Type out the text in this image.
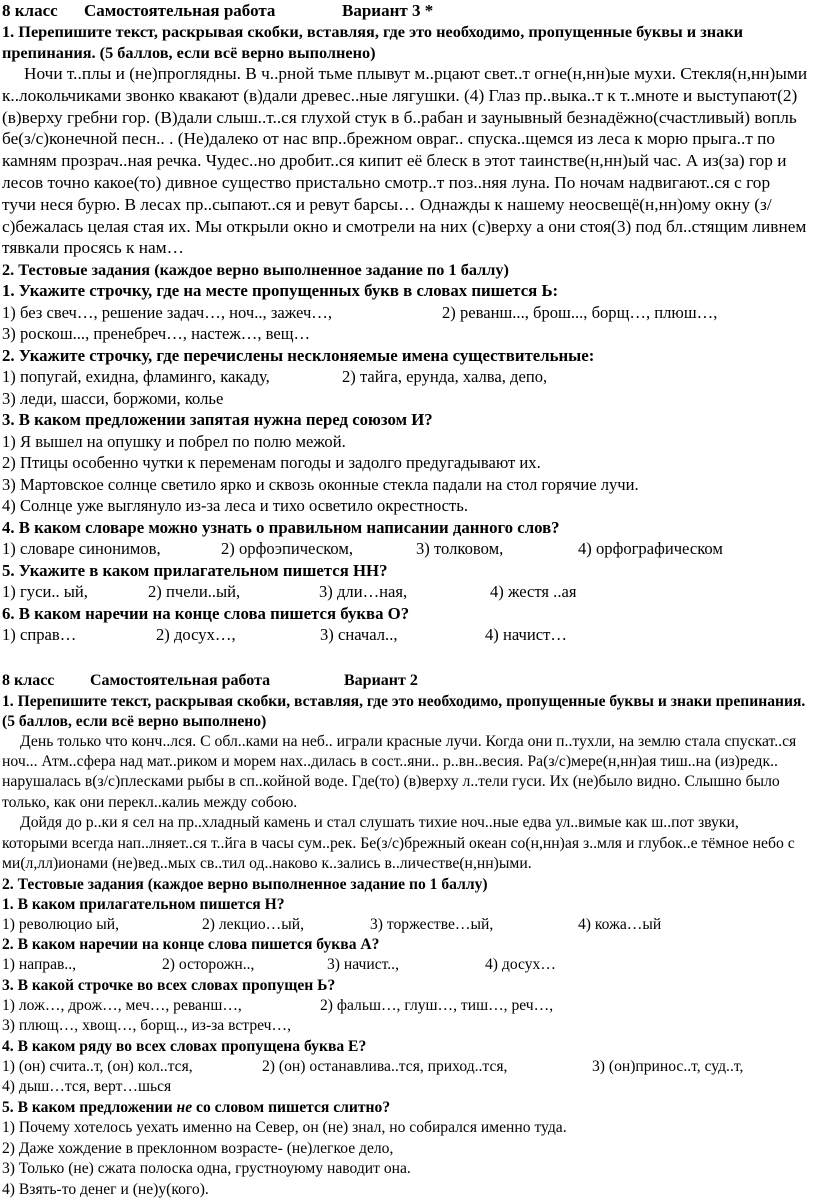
8 класс Самостоятельная работа	Вариант 3 *
1. Перепишите текст, раскрывая скобки, вставляя, где это необходимо, пропущенные буквы и знаки препинания. (5 баллов, если всё верно выполнено)

Ночи т..плы и (не)проглядны. В ч..рной тьме плывут м..рцают свет..т огне(н,нн)ые мухи. Стекля(н,нн)ыми к..локольчиками звонко квакают (в)дали древес..ные лягушки. (4) Глаз пр..выка..т к т..мноте и выступают(2) (в)верху гребни гор. (В)дали слыш..т..ся глухой стук в б..рабан и заунывный безнадёжно(счастливый) вопль бе(з/с)конечной песн.. . (Не)далеко от нас впр..брежном овраг.. спуска..щемся из леса к морю прыга..т по камням прозрач..ная речка. Чудес..но дробит..ся кипит её блеск в этот таинстве(н,нн)ый час. А из(за) гор и лесов точно какое(то) дивное существо пристально смотр..т поз..няя луна. По ночам надвигают..ся с гор тучи неся бурю. В лесах пр..сыпают..ся и ревут барсы… Однажды к нашему неосвещё(н,нн)ому окну (з/с)бежалась целая стая их. Мы открыли окно и смотрели на них (с)верху а они стоя(3) под бл..стящим ливнем тявкали просясь к нам…

2. Тестовые задания (каждое верно выполненное задание по 1 баллу)
1. Укажите строчку, где на месте пропущенных букв в словах пишется Ь:
1) без свеч…, решение задач…, ноч.., зажеч…,	2) реванш..., брош..., борщ…, плюш…,
3) роскош..., пренебреч…, настеж…, вещ…
2. Укажите строчку, где перечислены несклоняемые имена существительные:
1) попугай, ехидна, фламинго, какаду,	2) тайга, ерунда, халва, депо,
3) леди, шасси, боржоми, колье
3. В каком предложении запятая нужна перед союзом И?
1) Я вышел на опушку и побрел по полю межой.
2) Птицы особенно чутки к переменам погоды и задолго предугадывают их.
3) Мартовское солнце светило ярко и сквозь оконные стекла падали на стол горячие лучи.
4) Солнце уже выглянуло из-за леса и тихо осветило окрестность.
4. В каком словаре можно узнать о правильном написании данного слов?
1) словаре синонимов,	2) орфоэпическом,	3) толковом,	4) орфографическом
5. Укажите в каком прилагательном пишется НН?
1) гуси.. ый,	2) пчели..ый,	3) дли…ная,	4) жестя ..ая
6. В каком наречии на конце слова пишется буква О?
1) справ…	2) досух…,	3) сначал..,	4) начист…
8 класс Самостоятельная работа	Вариант 2
1. Перепишите текст, раскрывая скобки, вставляя, где это необходимо, пропущенные буквы и знаки препинания. (5 баллов, если всё верно выполнено)

День только что конч..лся. С обл..ками на неб.. играли красные лучи. Когда они п..тухли, на землю стала спускат..ся ноч... Атм..сфера над мат..риком и морем нах..дилась в сост..яни.. р..вн..весия. Ра(з/с)мере(н,нн)ая тиш..на (из)редк.. нарушалась в(з/с)плесками рыбы в сп..койной воде. Где(то) (в)верху л..тели гуси. Их (не)было видно. Слышно было только, как они перекл..калиь между собою.

Дойдя до р..ки я сел на пр..хладный камень и стал слушать тихие ноч..ные едва ул..вимые как ш..пот звуки, которыми всегда нап..лняет..ся т..йга в часы сум..рек. Бе(з/с)брежный океан со(н,нн)ая з..мля и глубок..е тёмное небо с ми(л,лл)ионами (не)вед..мых св..тил од..наково к..зались в..личестве(н,нн)ыми.

2. Тестовые задания (каждое верно выполненное задание по 1 баллу)
1. В каком прилагательном пишется Н?
1) революцио ый,	2) лекцио…ый,	3) торжестве…ый,	4) кожа…ый
2. В каком наречии на конце слова пишется буква А?
1) направ..,	2) осторожн..,	3) начист..,	4) досух…
3. В какой строчке во всех словах пропущен Ь?
1) лож…, дрож…, меч…, реванш…,	2) фальш…, глуш…, тиш…, реч…,
3) плющ…, хвощ…, борщ.., из-за встреч…,
4. В каком ряду во всех словах пропущена буква Е?
1) (он) счита..т, (он) кол..тся,	2) (он) останавлива..тся, приход..тся,	3) (он)принос..т, суд..т,
4) дыш…тся, верт…шься
5. В каком предложении не со словом пишется слитно?
1) Почему хотелось уехать именно на Север, он (не) знал, но собирался именно туда.
2) Даже хождение в преклонном возрасте- (не)легкое дело,
3) Только (не) сжата полоска одна, грустноуюму наводит она.
4) Взять-то денег и (не)у(кого).
